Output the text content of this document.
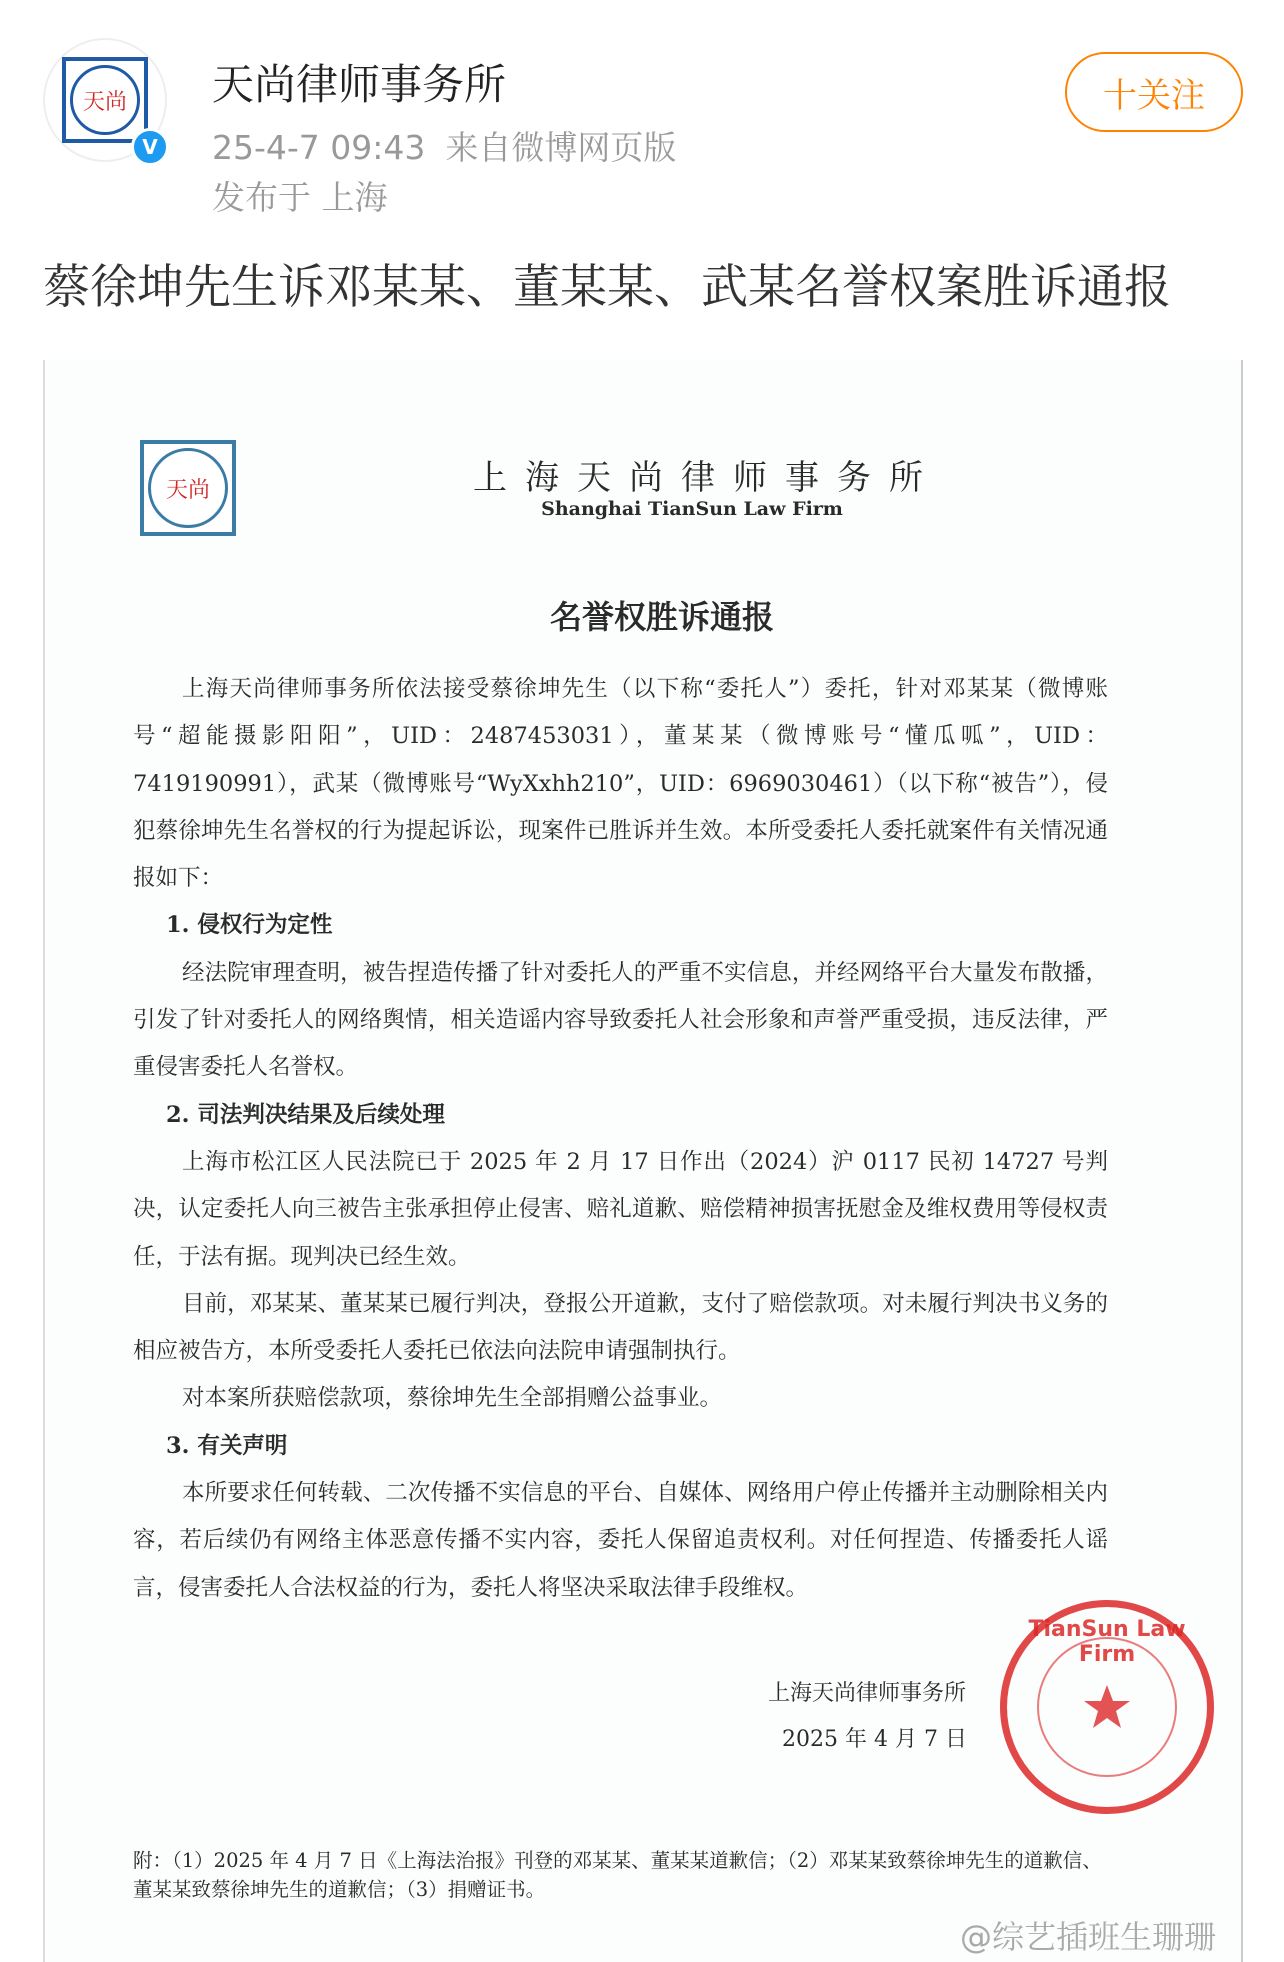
天尚
V
天尚律师事务所
25-4-7 09:43 来自微博网页版
发布于 上海
十关注
蔡徐坤先生诉邓某某、董某某、武某名誉权案胜诉通报
天尚	上海天尚律师事务所
Shanghai TianSun Law Firm
名誉权胜诉通报
上海天尚律师事务所依法接受蔡徐坤先生（以下称“委托人”）委托，针对邓某某（微博账号“超能摄影阳阳”，UID：2487453031），董某某（微博账号“懂瓜呱”，UID：7419190991），武某（微博账号“WyXxhh210”，UID：6969030461）（以下称“被告”），侵犯蔡徐坤先生名誉权的行为提起诉讼，现案件已胜诉并生效。本所受委托人委托就案件有关情况通报如下：
1. 侵权行为定性
经法院审理查明，被告捏造传播了针对委托人的严重不实信息，并经网络平台大量发布散播，引发了针对委托人的网络舆情，相关造谣内容导致委托人社会形象和声誉严重受损，违反法律，严重侵害委托人名誉权。
2. 司法判决结果及后续处理
上海市松江区人民法院已于 2025 年 2 月 17 日作出（2024）沪 0117 民初 14727 号判决，认定委托人向三被告主张承担停止侵害、赔礼道歉、赔偿精神损害抚慰金及维权费用等侵权责任，于法有据。现判决已经生效。
目前，邓某某、董某某已履行判决，登报公开道歉，支付了赔偿款项。对未履行判决书义务的相应被告方，本所受委托人委托已依法向法院申请强制执行。
对本案所获赔偿款项，蔡徐坤先生全部捐赠公益事业。
3. 有关声明
本所要求任何转载、二次传播不实信息的平台、自媒体、网络用户停止传播并主动删除相关内容，若后续仍有网络主体恶意传播不实内容，委托人保留追责权利。对任何捏造、传播委托人谣言，侵害委托人合法权益的行为，委托人将坚决采取法律手段维权。
TianSun Law Firm
上海天尚律师事务所
2025 年 4 月 7 日
附：（1）2025 年 4 月 7 日《上海法治报》刊登的邓某某、董某某道歉信；（2）邓某某致蔡徐坤先生的道歉信、董某某致蔡徐坤先生的道歉信；（3）捐赠证书。
@综艺插班生珊珊
